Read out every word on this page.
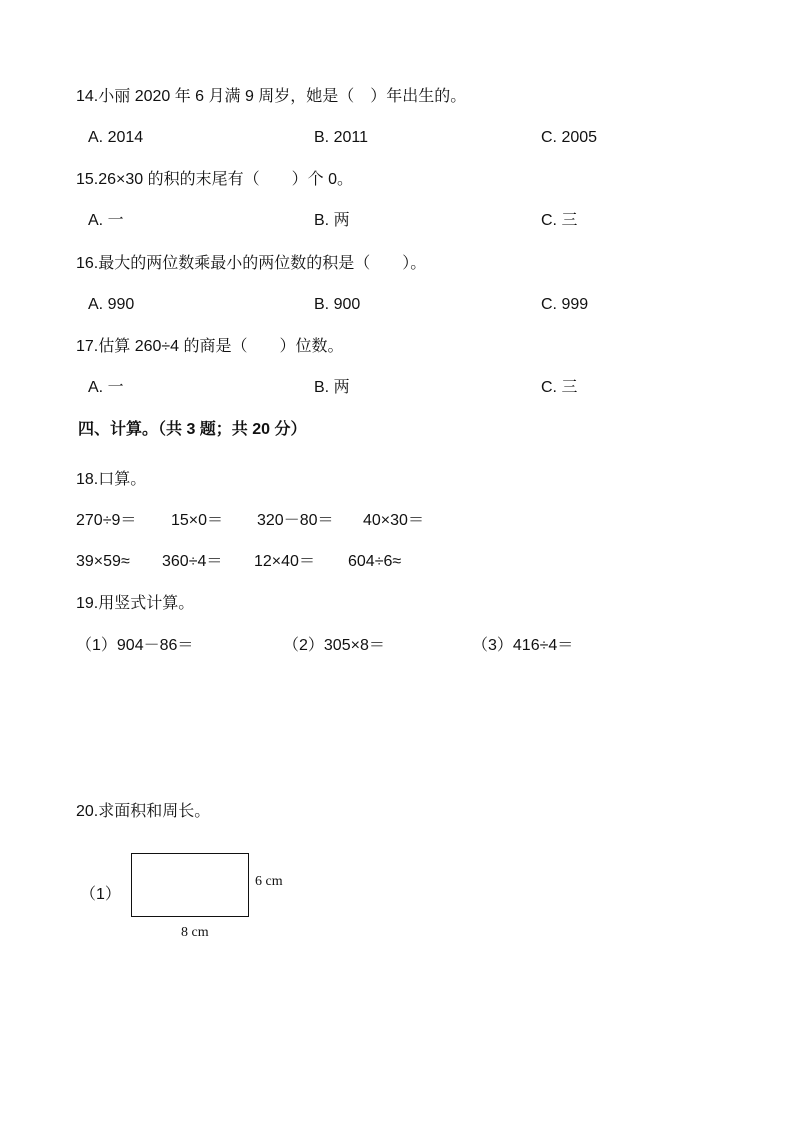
14.小丽 2020 年 6 月满 9 周岁，她是（　）年出生的。
A. 2014	B. 2011	C. 2005
15.26×30 的积的末尾有（　　）个 0。
A. 一	B. 两	C. 三
16.最大的两位数乘最小的两位数的积是（　　）。
A. 990	B. 900	C. 999
17.估算 260÷4 的商是（　　）位数。
A. 一	B. 两	C. 三
四、计算。（共 3 题；共 20 分）
18.口算。
270÷9＝ 15×0＝ 320－80＝ 40×30＝
39×59≈ 360÷4＝ 12×40＝ 604÷6≈
19.用竖式计算。
（1）904－86＝	（2）305×8＝	（3）416÷4＝
20.求面积和周长。
（1）
6 cm
8 cm
